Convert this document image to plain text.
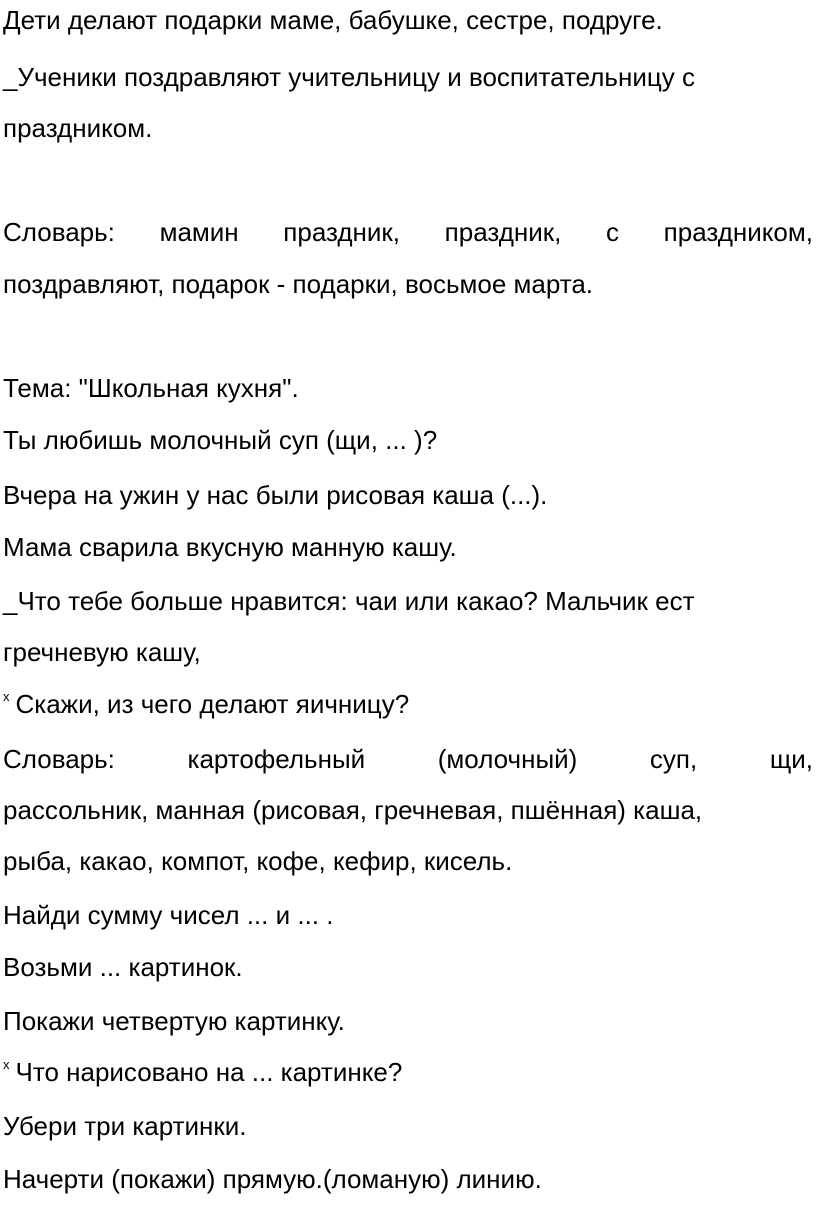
Дети делают подарки маме, бабушке, сестре, подруге.
_Ученики поздравляют учительницу и воспитательницу с
праздником.
Словарь: мамин праздник, праздник, с праздником,
поздравляют, подарок - подарки, восьмое марта.
Тема: "Школьная кухня".
Ты любишь молочный суп (щи, ... )?
Вчера на ужин у нас были рисовая каша (...).
Мама сварила вкусную манную кашу.
_Что тебе больше нравится: чаи или какао? Мальчик ест
гречневую кашу,
$^x$ Скажи, из чего делают яичницу?
Словарь:	картофельный	(молочный)	суп,	щи,
рассольник, манная (рисовая, гречневая, пшённая) каша,
рыба, какао, компот, кофе, кефир, кисель.
Найди сумму чисел ... и ... .
Возьми ... картинок.
Покажи четвертую картинку.
$^x$ Что нарисовано на ... картинке?
Убери три картинки.
Начерти (покажи) прямую.(ломаную) линию.
